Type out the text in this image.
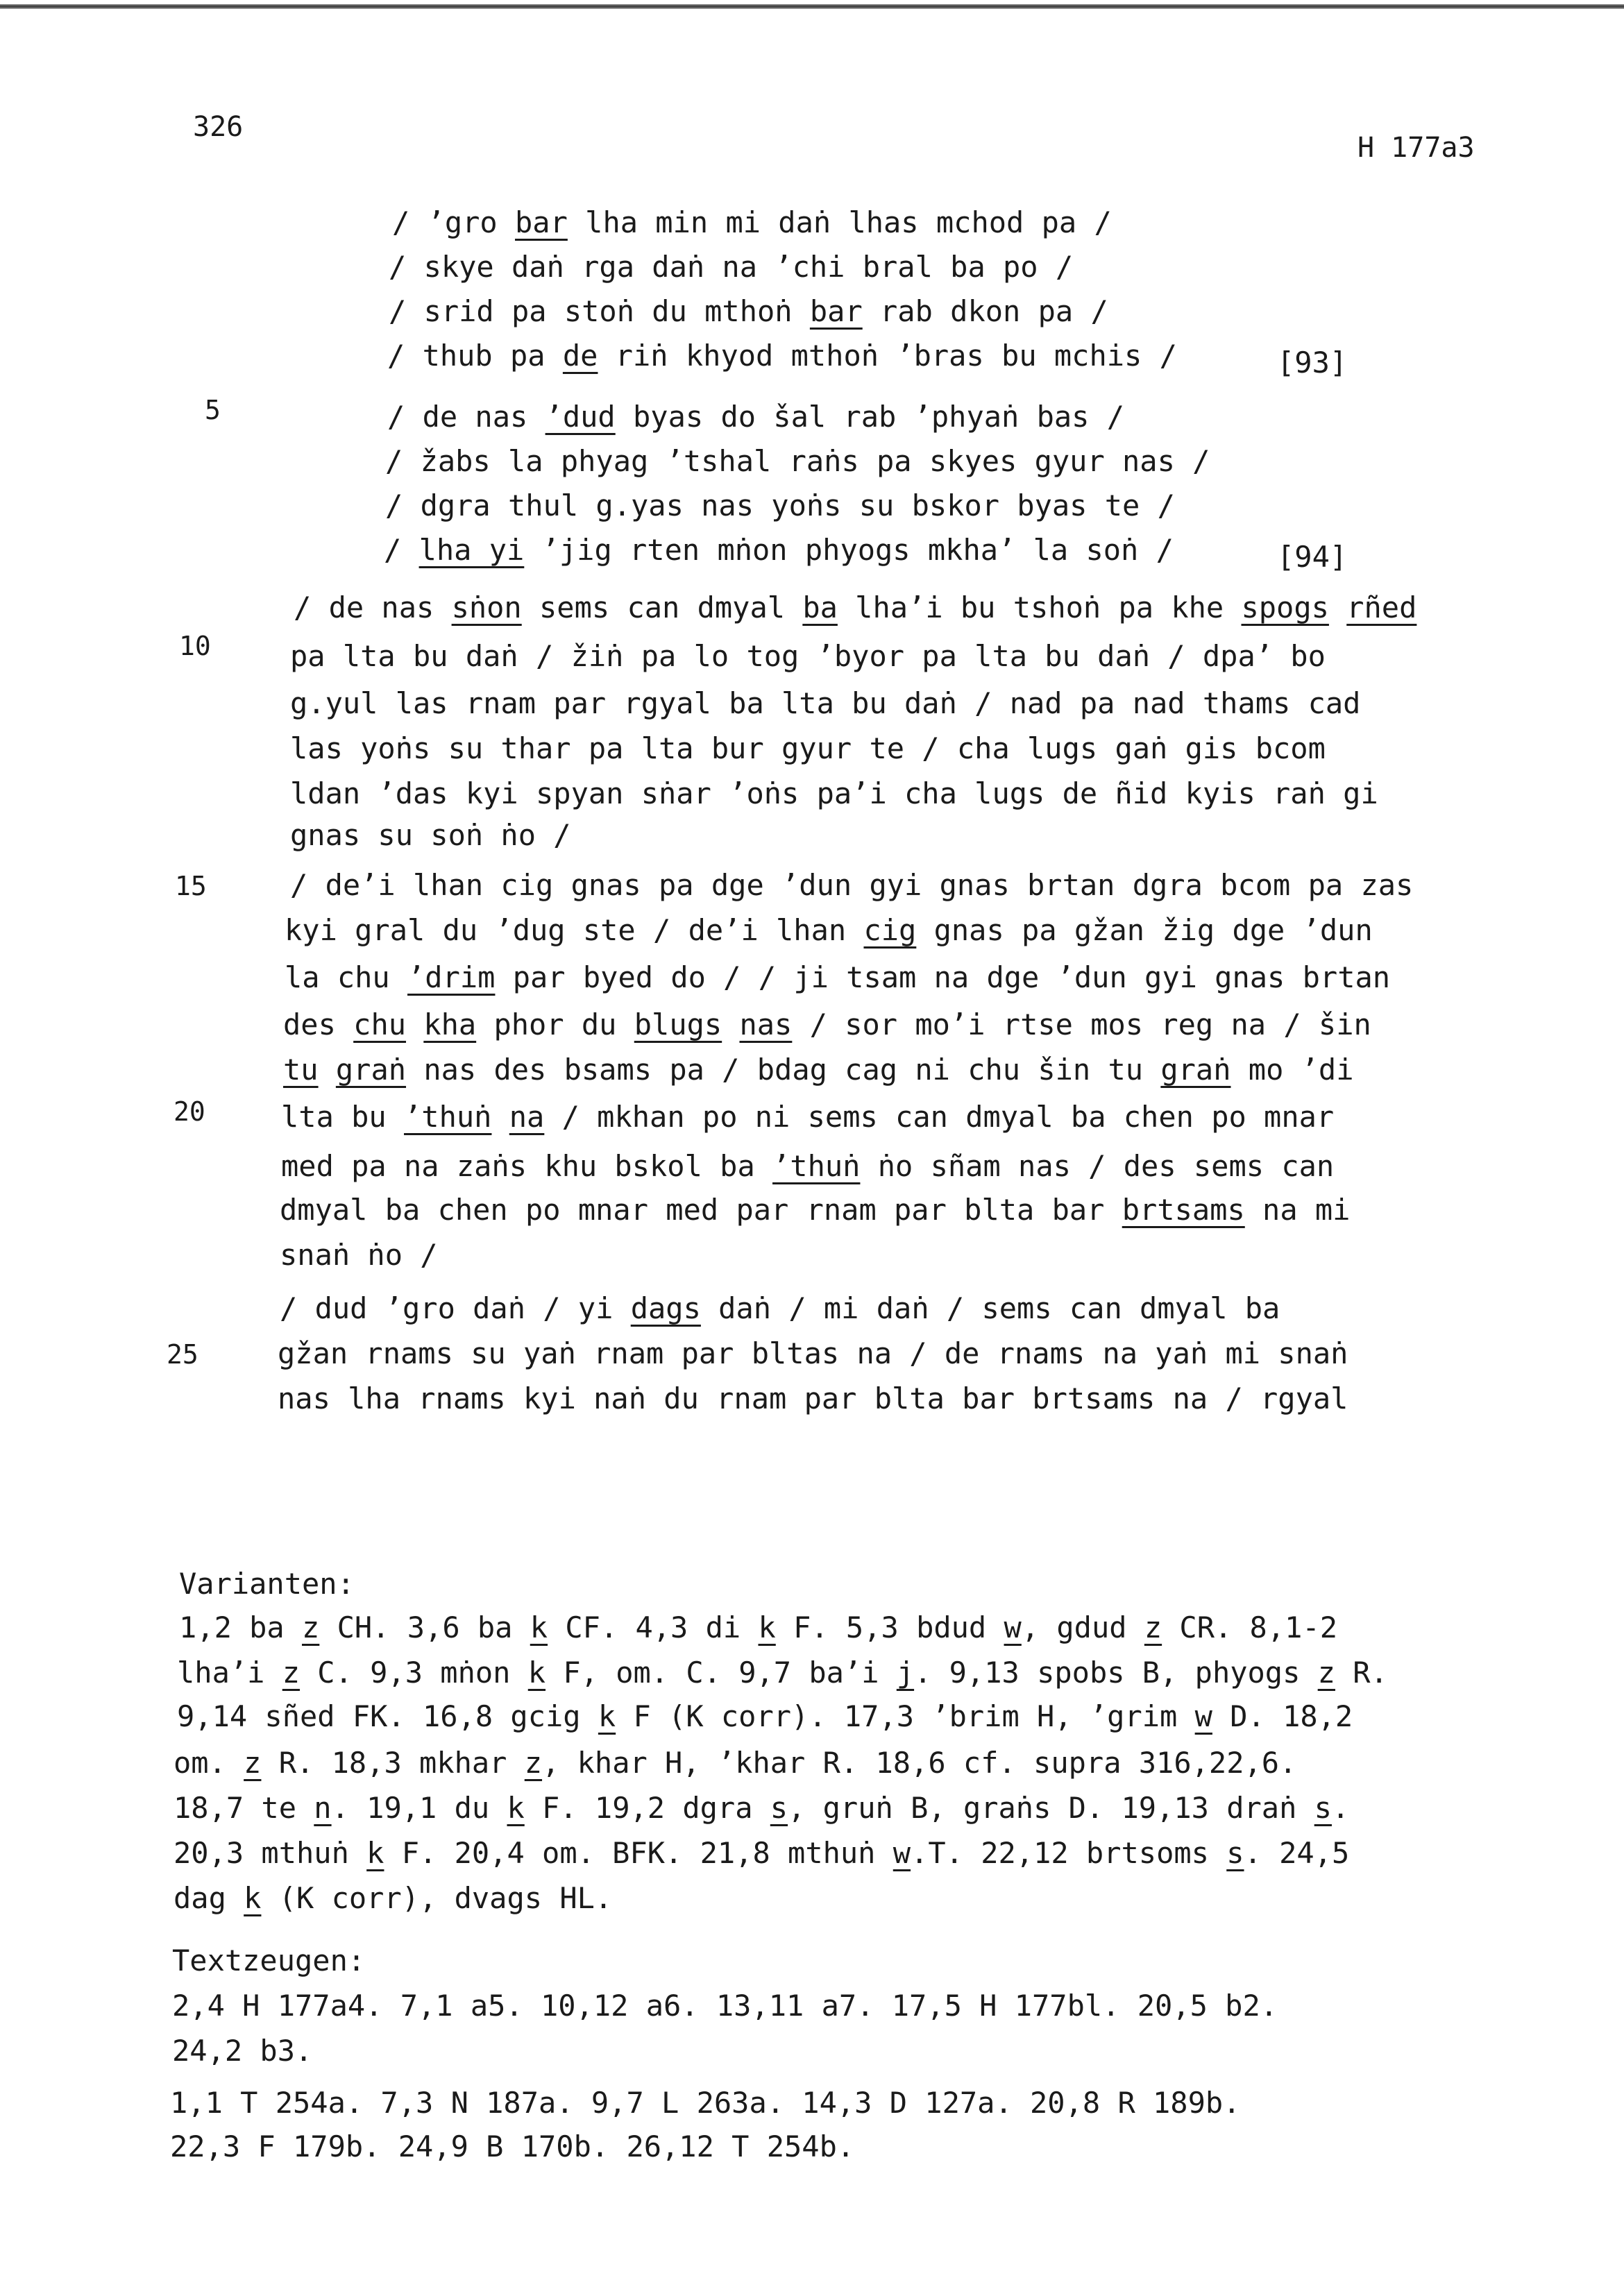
326
H 177a3
/ ’gro bar lha min mi daṅ lhas mchod pa /
/ skye daṅ rga daṅ na ’chi bral ba po /
/ srid pa stoṅ du mthoṅ bar rab dkon pa /
/ thub pa de riṅ khyod mthoṅ ’bras bu mchis /	[93]
/ de nas ’dud byas do šal rab ’phyaṅ bas /
/ žabs la phyag ’tshal raṅs pa skyes gyur nas /
/ dgra thul g.yas nas yoṅs su bskor byas te /
/ lha yi ’jig rten mṅon phyogs mkha’ la soṅ /	[94]
/ de nas sṅon sems can dmyal ba lha’i bu tshoṅ pa khe spogs rñed
pa lta bu daṅ / žiṅ pa lo tog ’byor pa lta bu daṅ / dpa’ bo
g.yul las rnam par rgyal ba lta bu daṅ / nad pa nad thams cad
las yoṅs su thar pa lta bur gyur te / cha lugs gaṅ gis bcom
ldan ’das kyi spyan sṅar ’oṅs pa’i cha lugs de ñid kyis raṅ gi
gnas su soṅ ṅo /
/ de’i lhan cig gnas pa dge ’dun gyi gnas brtan dgra bcom pa zas
kyi gral du ’dug ste / de’i lhan cig gnas pa gžan žig dge ’dun
la chu ’drim par byed do / / ji tsam na dge ’dun gyi gnas brtan
des chu kha phor du blugs nas / sor mo’i rtse mos reg na / šin
tu graṅ nas des bsams pa / bdag cag ni chu šin tu graṅ mo ’di
lta bu ’thuṅ na / mkhan po ni sems can dmyal ba chen po mnar
med pa na zaṅs khu bskol ba ’thuṅ ṅo sñam nas / des sems can
dmyal ba chen po mnar med par rnam par blta bar brtsams na mi
snaṅ ṅo /
/ dud ’gro daṅ / yi dags daṅ / mi daṅ / sems can dmyal ba
gžan rnams su yaṅ rnam par bltas na / de rnams na yaṅ mi snaṅ
nas lha rnams kyi naṅ du rnam par blta bar brtsams na / rgyal
5
10
15
20
25
Varianten:
1,2 ba z CH. 3,6 ba k CF. 4,3 di k F. 5,3 bdud w, gdud z CR. 8,1-2
lha’i z C. 9,3 mṅon k F, om. C. 9,7 ba’i j. 9,13 spobs B, phyogs z R.
9,14 sñed FK. 16,8 gcig k F (K corr). 17,3 ’brim H, ’grim w D. 18,2
om. z R. 18,3 mkhar z, khar H, ’khar R. 18,6 cf. supra 316,22,6.
18,7 te n. 19,1 du k F. 19,2 dgra s, gruṅ B, graṅs D. 19,13 draṅ s.
20,3 mthuṅ k F. 20,4 om. BFK. 21,8 mthuṅ w.T. 22,12 brtsoms s. 24,5
dag k (K corr), dvags HL.
Textzeugen:
2,4 H 177a4. 7,1 a5. 10,12 a6. 13,11 a7. 17,5 H 177bl. 20,5 b2.
24,2 b3.
1,1 T 254a. 7,3 N 187a. 9,7 L 263a. 14,3 D 127a. 20,8 R 189b.
22,3 F 179b. 24,9 B 170b. 26,12 T 254b.
